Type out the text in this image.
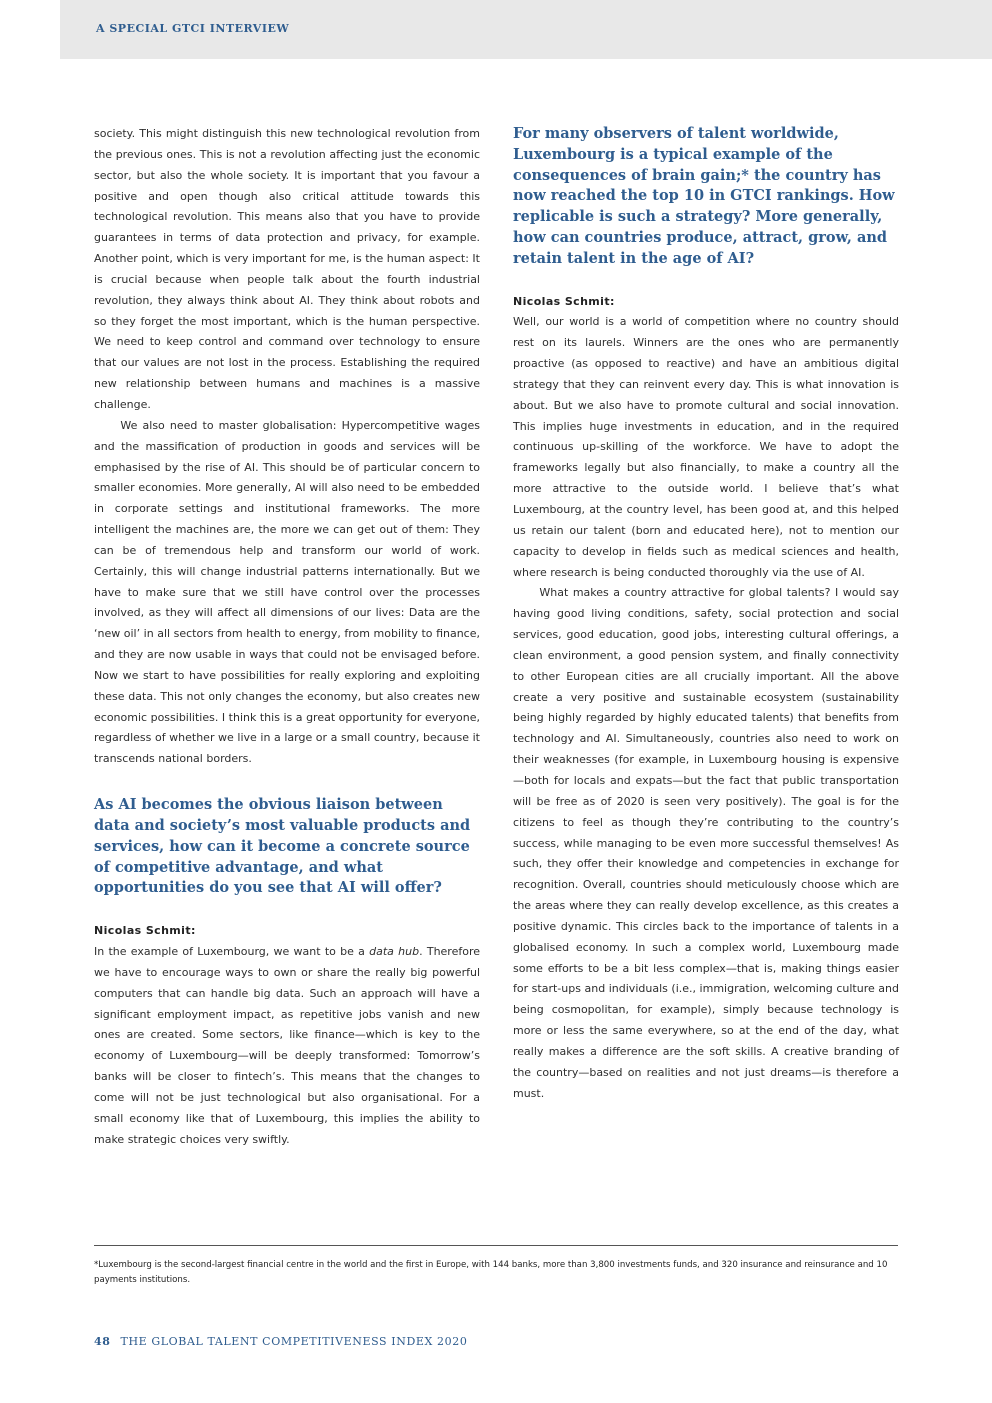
A SPECIAL GTCI INTERVIEW

society. This might distinguish this new technological revolution from the previous ones. This is not a revolution affecting just the economic sector, but also the whole society. It is important that you favour a positive and open though also critical attitude towards this technological revolution. This means also that you have to provide guarantees in terms of data protection and privacy, for example. Another point, which is very important for me, is the human aspect: It is crucial because when people talk about the fourth industrial revolution, they always think about AI. They think about robots and so they forget the most important, which is the human perspective. We need to keep control and command over technology to ensure that our values are not lost in the process. Establishing the required new relationship between humans and machines is a massive challenge.

We also need to master globalisation: Hypercompetitive wages and the massification of production in goods and services will be emphasised by the rise of AI. This should be of particular concern to smaller economies. More generally, AI will also need to be embedded in corporate settings and institutional frameworks. The more intelligent the machines are, the more we can get out of them: They can be of tremendous help and transform our world of work. Certainly, this will change industrial patterns internationally. But we have to make sure that we still have control over the processes involved, as they will affect all dimensions of our lives: Data are the ‘new oil’ in all sectors from health to energy, from mobility to finance, and they are now usable in ways that could not be envisaged before. Now we start to have possibilities for really exploring and exploiting these data. This not only changes the economy, but also creates new economic possibilities. I think this is a great opportunity for everyone, regardless of whether we live in a large or a small country, because it transcends national borders.

As AI becomes the obvious liaison between data and society’s most valuable products and services, how can it become a concrete source of competitive advantage, and what opportunities do you see that AI will offer?

Nicolas Schmit:

In the example of Luxembourg, we want to be a data hub. Therefore we have to encourage ways to own or share the really big powerful computers that can handle big data. Such an approach will have a significant employment impact, as repetitive jobs vanish and new ones are created. Some sectors, like finance—which is key to the economy of Luxembourg—will be deeply transformed: Tomorrow’s banks will be closer to fintech’s. This means that the changes to come will not be just technological but also organisational. For a small economy like that of Luxembourg, this implies the ability to make strategic choices very swiftly.

For many observers of talent worldwide, Luxembourg is a typical example of the consequences of brain gain;* the country has now reached the top 10 in GTCI rankings. How replicable is such a strategy? More generally, how can countries produce, attract, grow, and retain talent in the age of AI?

Nicolas Schmit:

Well, our world is a world of competition where no country should rest on its laurels. Winners are the ones who are permanently proactive (as opposed to reactive) and have an ambitious digital strategy that they can reinvent every day. This is what innovation is about. But we also have to promote cultural and social innovation. This implies huge investments in education, and in the required continuous up-skilling of the workforce. We have to adopt the frameworks legally but also financially, to make a country all the more attractive to the outside world. I believe that’s what Luxembourg, at the country level, has been good at, and this helped us retain our talent (born and educated here), not to mention our capacity to develop in fields such as medical sciences and health, where research is being conducted thoroughly via the use of AI.

What makes a country attractive for global talents? I would say having good living conditions, safety, social protection and social services, good education, good jobs, interesting cultural offerings, a clean environment, a good pension system, and finally connectivity to other European cities are all crucially important. All the above create a very positive and sustainable ecosystem (sustainability being highly regarded by highly educated talents) that benefits from technology and AI. Simultaneously, countries also need to work on their weaknesses (for example, in Luxembourg housing is expensive—both for locals and expats—but the fact that public transportation will be free as of 2020 is seen very positively). The goal is for the citizens to feel as though they’re contributing to the country’s success, while managing to be even more successful themselves! As such, they offer their knowledge and competencies in exchange for recognition. Overall, countries should meticulously choose which are the areas where they can really develop excellence, as this creates a positive dynamic. This circles back to the importance of talents in a globalised economy. In such a complex world, Luxembourg made some efforts to be a bit less complex—that is, making things easier for start-ups and individuals (i.e., immigration, welcoming culture and being cosmopolitan, for example), simply because technology is more or less the same everywhere, so at the end of the day, what really makes a difference are the soft skills. A creative branding of the country—based on realities and not just dreams—is therefore a must.

*Luxembourg is the second-largest financial centre in the world and the first in Europe, with 144 banks, more than 3,800 investments funds, and 320 insurance and reinsurance and 10 payments institutions.
48 THE GLOBAL TALENT COMPETITIVENESS INDEX 2020
